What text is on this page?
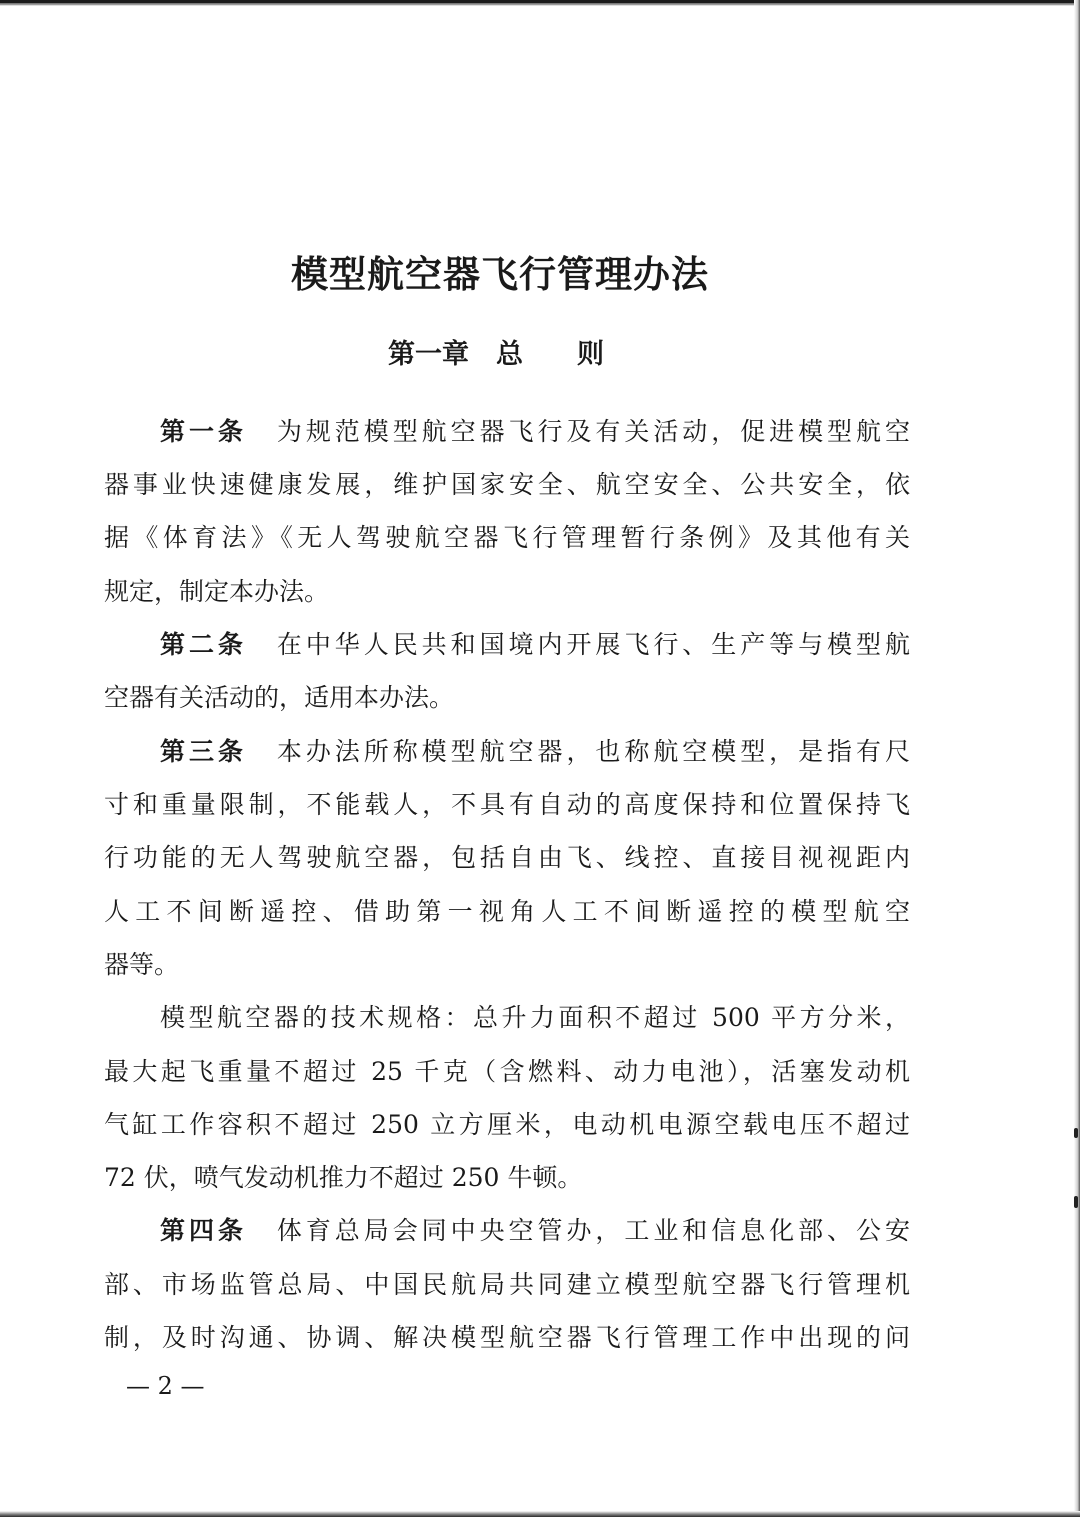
模型航空器飞行管理办法
第一章　总　　则
第一条 为规范模型航空器飞行及有关活动，促进模型航空
器事业快速健康发展，维护国家安全、航空安全、公共安全，依
据《体育法》《无人驾驶航空器飞行管理暂行条例》及其他有关
规定，制定本办法。
第二条 在中华人民共和国境内开展飞行、生产等与模型航
空器有关活动的，适用本办法。
第三条 本办法所称模型航空器，也称航空模型，是指有尺
寸和重量限制，不能载人，不具有自动的高度保持和位置保持飞
行功能的无人驾驶航空器，包括自由飞、线控、直接目视视距内
人工不间断遥控、借助第一视角人工不间断遥控的模型航空
器等。
模型航空器的技术规格：总升力面积不超过 500 平方分米，
最大起飞重量不超过 25 千克（含燃料、动力电池），活塞发动机
气缸工作容积不超过 250 立方厘米，电动机电源空载电压不超过
72 伏，喷气发动机推力不超过 250 牛顿。
第四条 体育总局会同中央空管办，工业和信息化部、公安
部、市场监管总局、中国民航局共同建立模型航空器飞行管理机
制，及时沟通、协调、解决模型航空器飞行管理工作中出现的问
— 2 —
